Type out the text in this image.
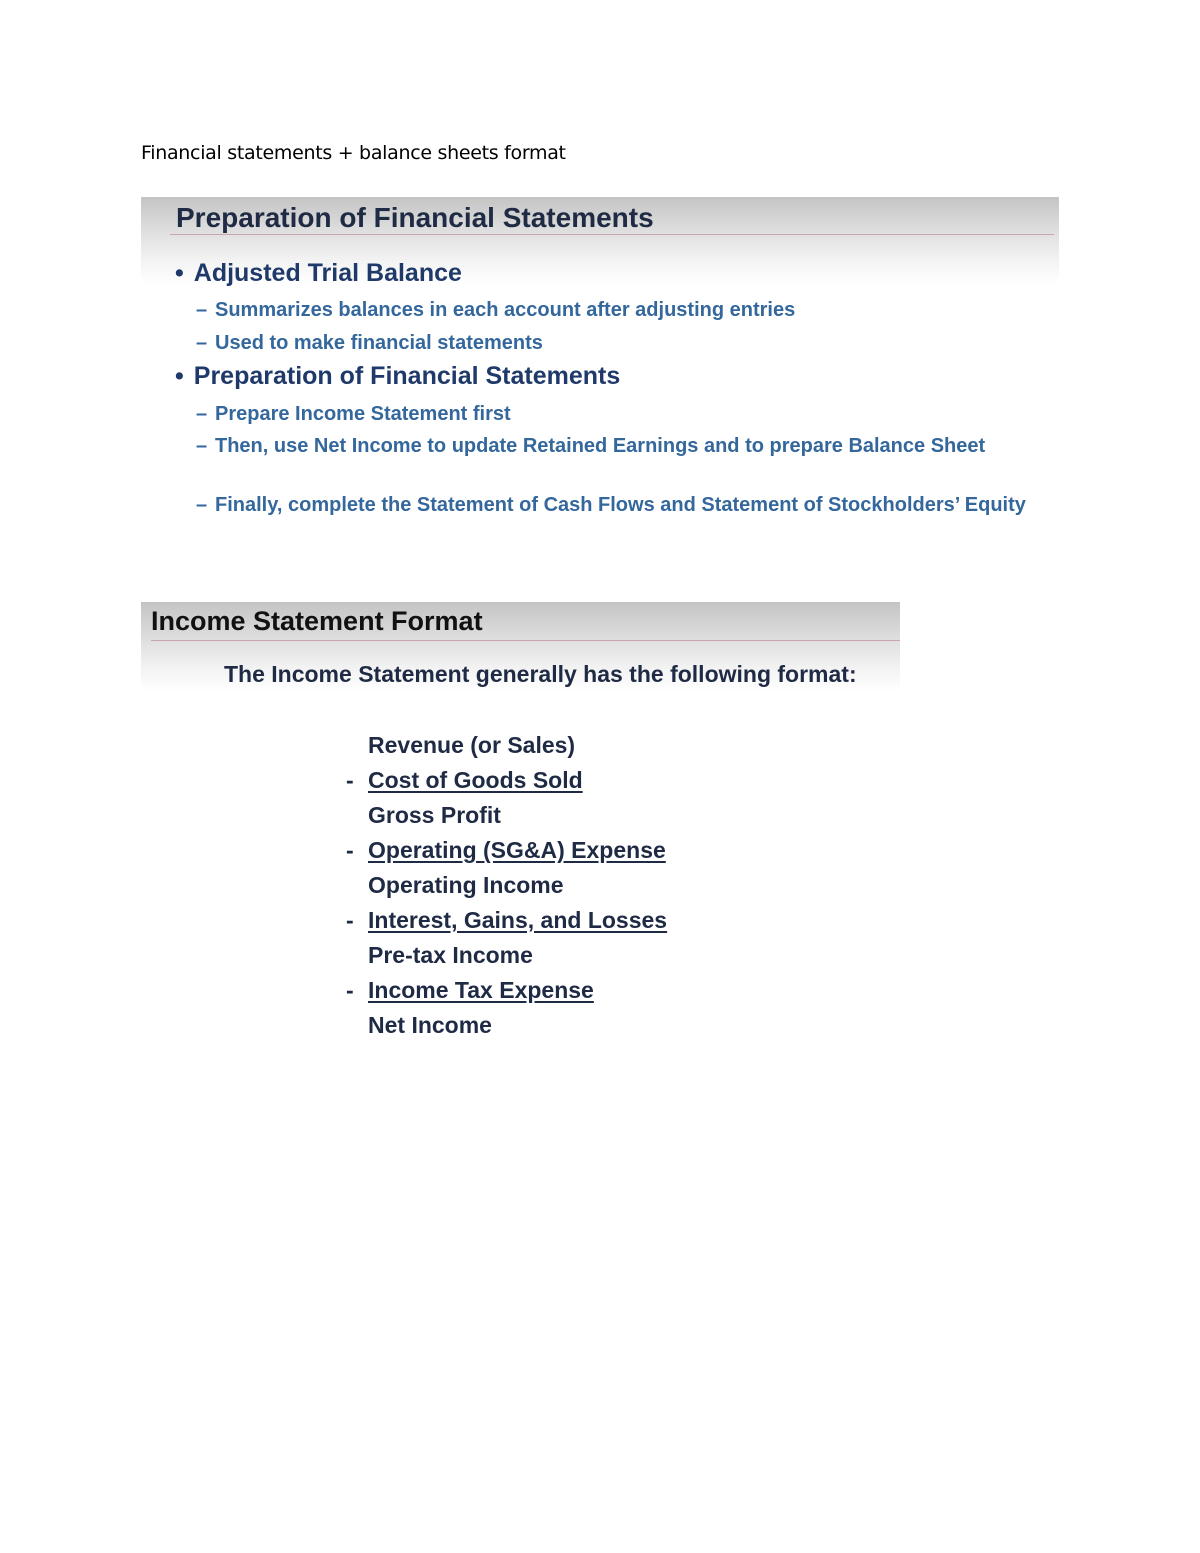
Financial statements + balance sheets format
Preparation of Financial Statements
• Adjusted Trial Balance
– Summarizes balances in each account after adjusting entries
– Used to make financial statements
• Preparation of Financial Statements
– Prepare Income Statement first
– Then, use Net Income to update Retained Earnings and to prepare Balance Sheet
– Finally, complete the Statement of Cash Flows and Statement of Stockholders’ Equity
Income Statement Format
The Income Statement generally has the following format:
Revenue (or Sales)
- Cost of Goods Sold
Gross Profit
- Operating (SG&A) Expense
Operating Income
- Interest, Gains, and Losses
Pre-tax Income
- Income Tax Expense
Net Income
